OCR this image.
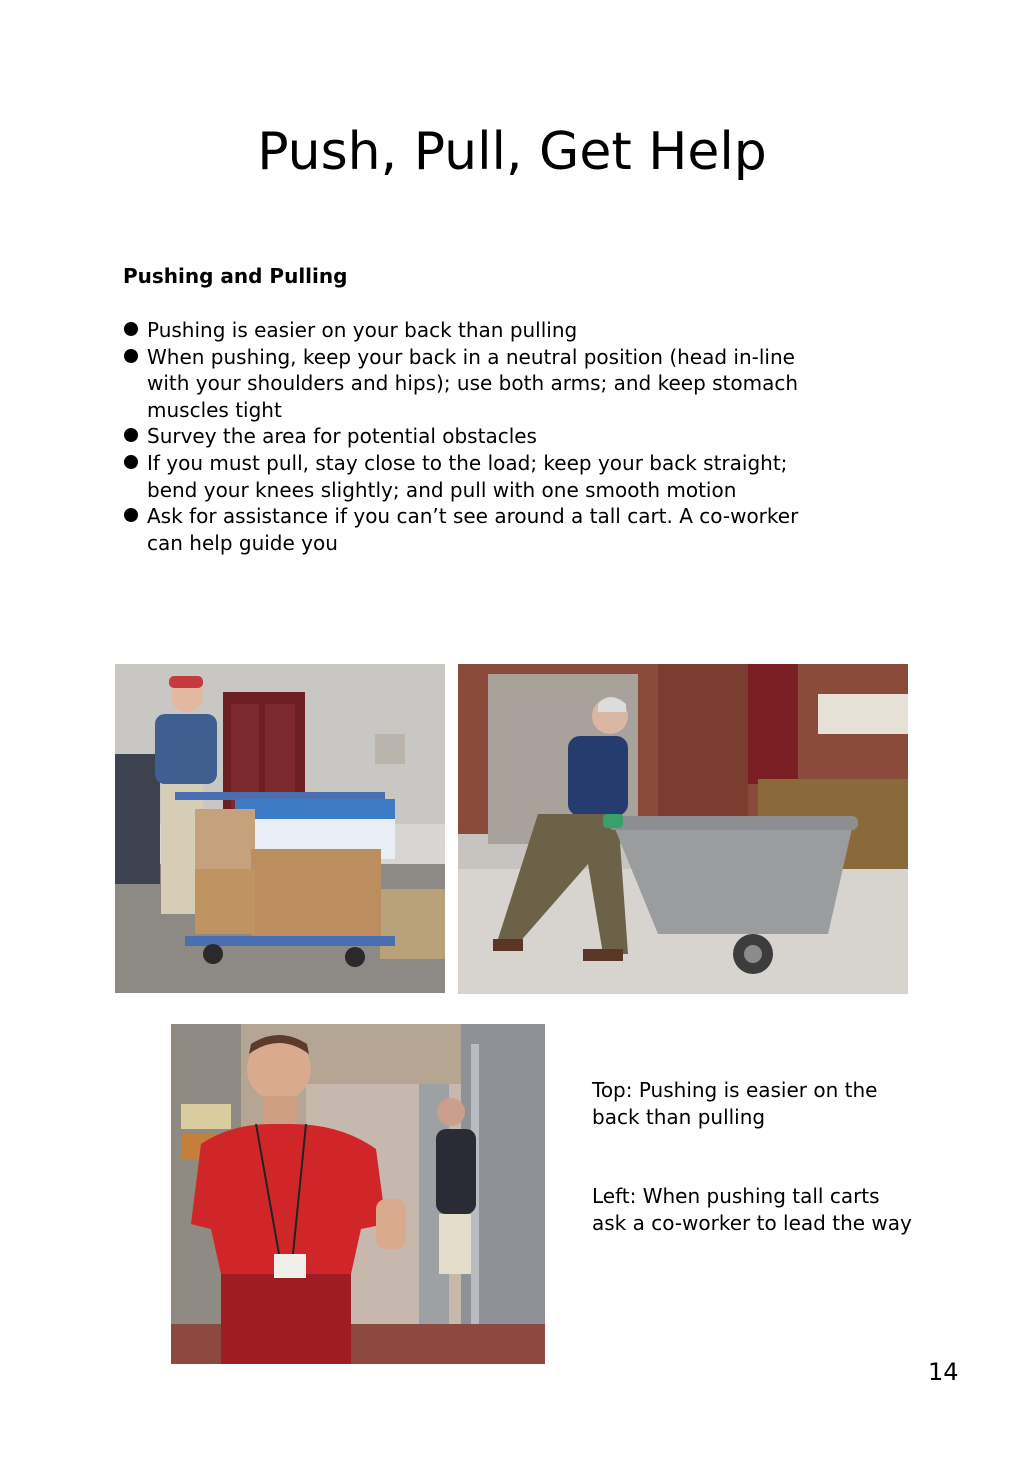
Push, Pull, Get Help
Pushing and Pulling
Pushing is easier on your back than pulling
When pushing, keep your back in a neutral position (head in-line with your shoulders and hips); use both arms; and keep stomach muscles tight
Survey the area for potential obstacles
If you must pull, stay close to the load; keep your back straight; bend your knees slightly; and pull with one smooth motion
Ask for assistance if you can’t see around a tall cart. A co-worker can help guide you

Top: Pushing is easier on the back than pulling

Left: When pushing tall carts ask a co-worker to lead the way

14
